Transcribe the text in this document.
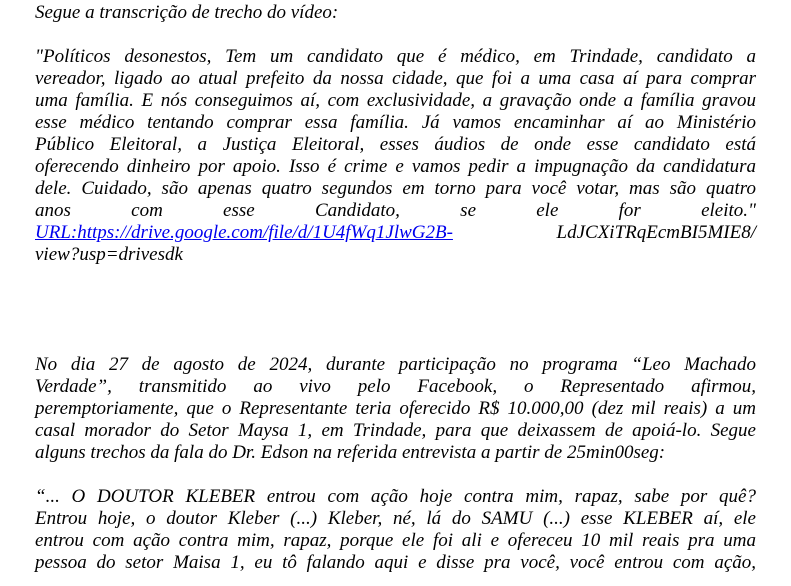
Segue a transcrição de trecho do vídeo:

"Políticos desonestos, Tem um candidato que é médico, em Trindade, candidato a
vereador, ligado ao atual prefeito da nossa cidade, que foi a uma casa aí para comprar
uma família. E nós conseguimos aí, com exclusividade, a gravação onde a família gravou
esse médico tentando comprar essa família. Já vamos encaminhar aí ao Ministério
Público Eleitoral, a Justiça Eleitoral, esses áudios de onde esse candidato está
oferecendo dinheiro por apoio. Isso é crime e vamos pedir a impugnação da candidatura
dele. Cuidado, são apenas quatro segundos em torno para você votar, mas são quatro
anos com esse Candidato, se ele for eleito."
URL:https://drive.google.com/file/d/1U4fWq1JlwG2B-	LdJCXiTRqEcmBI5MIE8/
view?usp=drivesdk
No dia 27 de agosto de 2024, durante participação no programa “Leo Machado
Verdade”, transmitido ao vivo pelo Facebook, o Representado afirmou,
peremptoriamente, que o Representante teria oferecido R$ 10.000,00 (dez mil reais) a um
casal morador do Setor Maysa 1, em Trindade, para que deixassem de apoiá-lo. Segue
alguns trechos da fala do Dr. Edson na referida entrevista a partir de 25min00seg:
“... O DOUTOR KLEBER entrou com ação hoje contra mim, rapaz, sabe por quê?
Entrou hoje, o doutor Kleber (...) Kleber, né, lá do SAMU (...) esse KLEBER aí, ele
entrou com ação contra mim, rapaz, porque ele foi ali e ofereceu 10 mil reais pra uma
pessoa do setor Maisa 1, eu tô falando aqui e disse pra você, você entrou com ação,
